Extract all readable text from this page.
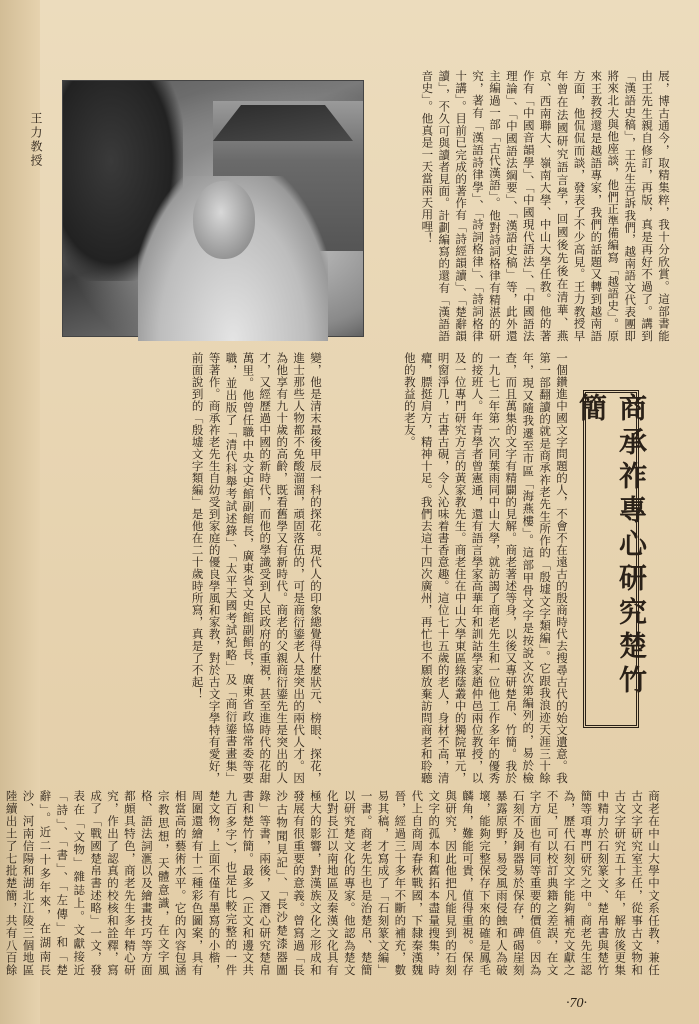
王力教授	展，博古通今，取精集粹，我十分欣賞。這部書能由王先生親自修訂，再版，真是再好不過了。講到「漢語史稿」，王先生告訴我們，越南語文代表團即將來北大與他座談，他們正準備編寫「越語史」。原來王教授還是越語專家，我們的話題又轉到越南語方面，他侃侃而談，發表了不少高見。王力教授早年曾在法國研究語言學，回國後先後在清華、燕京、西南聯大、嶺南大學、中山大學任教。他的著作有「中國音韻學」、「中國現代語法」、「中國語法理論」、「中國語法綱要」、「漢語史稿」等，此外還主編過一部「古代漢語」。他對詩詞格律有精湛的研究，著有「漢語詩律學」、「詩詞格律」、「詩詞格律十講」。目前已完成的著作有「詩經韻讀」、「楚辭韻讀」，不久可與讀者見面。計劃編寫的還有「漢語語音史」。他真是一天當兩天用哩！
商承祚專心研究楚竹簡
一個鑽進中國文字問題的人，不會不在遠古的殷商時代去搜尋古代的始文遺意。我第一部翻讀的就是商承祚老先生所作的「殷墟文字類編」。它跟我浪迹天涯三十餘年，現又隨我遷至市區「海燕樓」。這部甲骨文字是按說文次第編列的，易於檢查，而且萬集的文字有精闢的見解。商老著述等身，以後又專研楚帛、竹簡。我於一九七二年第一次同葉雨同中山大學，就訪謁了商老先生和一位他工作多年的優秀的接班人。年青學者曾憲通，還有語言學家高華年和訓詁學家趙仲邑兩位教授，以及一位專門研究方言的黃家教先生。商老住在中山大學東區綠蔭叢中的獨院單元，明窗淨几，古書古硯，令人沁味着書香意趣。這位七十五歲的老人，身材不高，清癯，膘挺肩方，精神十足。我們去這十四次廣州，再忙也不願放棄訪問商老和聆聽他的教益的老友。
變，他是清末最後甲辰一科的探花。現代人的印象總覺得什麼狀元、榜眼、探花，進士那些人物都不免酸溜溜，頑固落伍的，可是商衍鎏老人是突出的兩代人才。因為他享有九十歲的高齡，既看舊學又有新時代。商老的父親商衍鎏先生是突出的人才，又經歷過中國的新時代，而他的學識受到人民政府的重視，甚至進時代的花甜萬里。他曾任職中央文史館副館長，廣東省文史館副館長，廣東省政協常委等要職，並出版了「清代科舉考試述錄」、「太平天國考試紀略」及「商衍鎏書畫集」等著作。商承祚老先生自幼受到家庭的優良學風和家教，對於古文字學特有愛好，前面說到的「殷墟文字類編」是他在二十歲時所寫，真是了不起！
商老在中山大學中文系任教，兼任古文字研究室主任，從事古文物和古文字研究五十多年，解放後更集中精力於石刻篆文、楚帛書與楚竹簡等項專門研究之中。商老先生認為，歷代石刻文字能夠補充文獻之不足，可以校訂典籍之差誤，在文字方面也有同等重要的價值。因為石刻不及銅器易於保存，碑碣崖刻暴露原野，易受風雨侵蝕和人為破壞，能夠完整保存下來的確是鳳毛麟角，難能可貴，值得重視。保存與研究，因此他把凡能見到的石刻文字的孤本和舊拓本盡量搜集，時代上自商周春秋戰國，下隸秦漢魏晉，經過三十多年不斷的補充，數易其稿，才寫成了「石刻篆文編」一書。商老先生也是治楚帛、楚簡以研究楚文化的專家。他認為楚文化對長江以南地區及秦漢文化具有極大的影響，對漢族文化之形成和發展有很重要的意義。曾寫過「長沙古物聞見記」、「長沙楚漆器圖錄」等書，兩後，又潛心研究楚帛書和楚竹簡。最多（正文和邊文共九百多字），也是比較完整的一件楚文物，上面不僅有墨寫的小楷，周圍還繪有十二種彩色圖案，具有相當高的藝術水平。它的內容包涵宗教思想，天體意識，在文字風格、語法詞滙以及繪畫技巧等方面都頗具特色，商老先生多年精心研究，作出了認真的校核和詮釋，寫成了「戰國楚帛書述略」一文，發表在「文物」雜誌上。文獻接近「詩」、「書」、「左傳」和「楚辭」。近二十多年來，在湖南長沙、河南信陽和湖北江陵三個地區陸續出土了七批楚簡，共有八百餘
·70·
